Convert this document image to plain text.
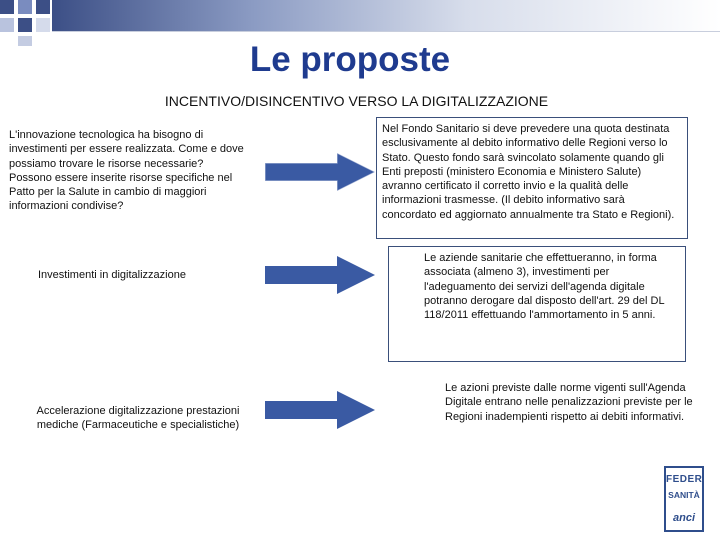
Le proposte
INCENTIVO/DISINCENTIVO VERSO LA DIGITALIZZAZIONE
L'innovazione tecnologica ha bisogno di investimenti per essere realizzata. Come e dove possiamo trovare le risorse necessarie? Possono essere inserite risorse specifiche nel Patto per la Salute in cambio di maggiori informazioni condivise?
Nel Fondo Sanitario si deve prevedere una quota destinata esclusivamente al debito informativo delle Regioni verso lo Stato. Questo fondo sarà svincolato solamente quando gli Enti preposti (ministero Economia e Ministero Salute) avranno certificato il corretto invio e la qualità delle informazioni trasmesse. (Il debito informativo sarà concordato ed aggiornato annualmente tra Stato e Regioni).
Investimenti in digitalizzazione
Le aziende sanitarie che effettueranno, in forma associata (almeno 3), investimenti per l'adeguamento dei servizi dell'agenda digitale potranno derogare dal disposto dell'art. 29 del DL 118/2011 effettuando l'ammortamento in 5 anni.
Accelerazione digitalizzazione prestazioni mediche (Farmaceutiche e specialistiche)
Le azioni previste dalle norme vigenti sull'Agenda Digitale entrano nelle penalizzazioni previste per le Regioni inadempienti rispetto ai debiti informativi.
FEDER
SANITÀ
anci
